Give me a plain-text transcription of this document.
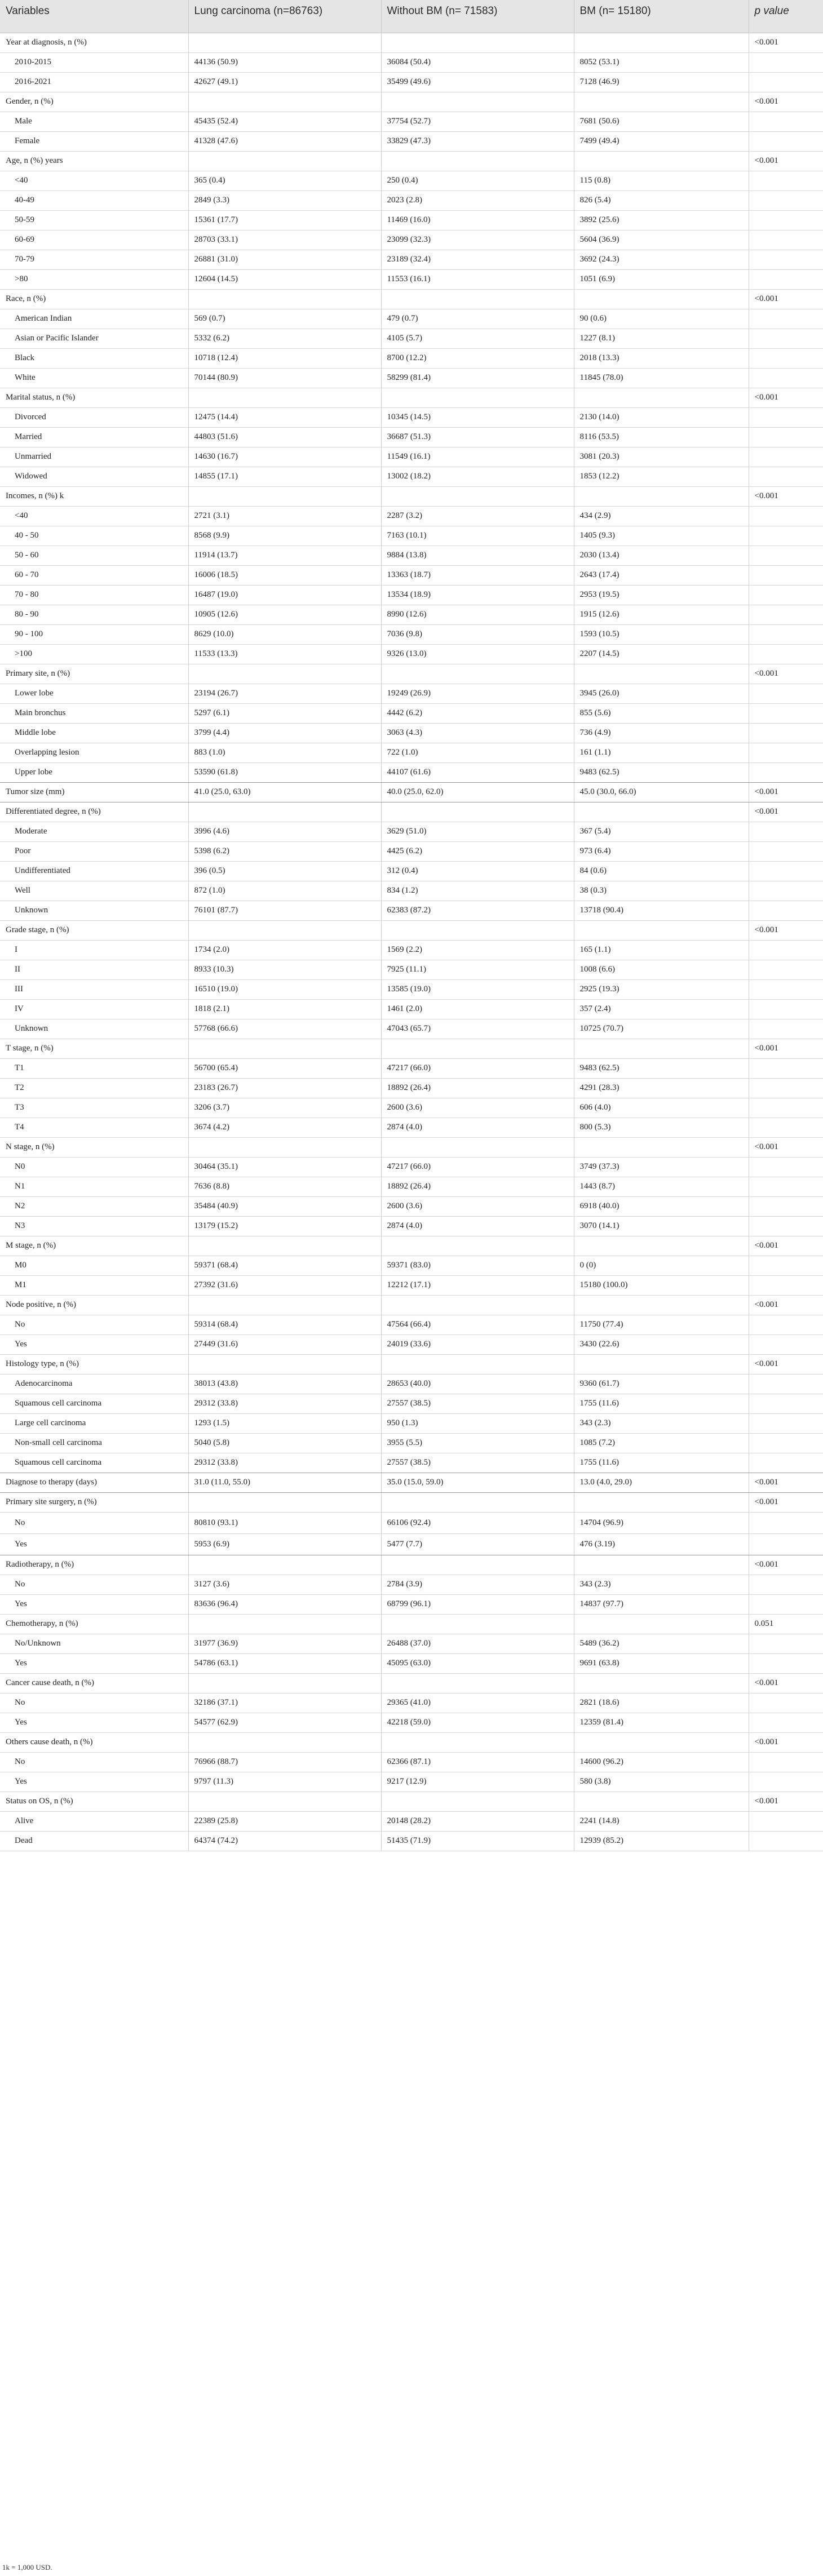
Variables	Lung carcinoma (n=86763)	Without BM (n= 71583)	BM (n= 15180)	p value
Year at diagnosis, n (%)				<0.001
2010-2015	44136 (50.9)	36084 (50.4)	8052 (53.1)	
2016-2021	42627 (49.1)	35499 (49.6)	7128 (46.9)	
Gender, n (%)				<0.001
Male	45435 (52.4)	37754 (52.7)	7681 (50.6)	
Female	41328 (47.6)	33829 (47.3)	7499 (49.4)	
Age, n (%) years				<0.001
<40	365 (0.4)	250 (0.4)	115 (0.8)	
40-49	2849 (3.3)	2023 (2.8)	826 (5.4)	
50-59	15361 (17.7)	11469 (16.0)	3892 (25.6)	
60-69	28703 (33.1)	23099 (32.3)	5604 (36.9)	
70-79	26881 (31.0)	23189 (32.4)	3692 (24.3)	
>80	12604 (14.5)	11553 (16.1)	1051 (6.9)	
Race, n (%)				<0.001
American Indian	569 (0.7)	479 (0.7)	90 (0.6)	
Asian or Pacific Islander	5332 (6.2)	4105 (5.7)	1227 (8.1)	
Black	10718 (12.4)	8700 (12.2)	2018 (13.3)	
White	70144 (80.9)	58299 (81.4)	11845 (78.0)	
Marital status, n (%)				<0.001
Divorced	12475 (14.4)	10345 (14.5)	2130 (14.0)	
Married	44803 (51.6)	36687 (51.3)	8116 (53.5)	
Unmarried	14630 (16.7)	11549 (16.1)	3081 (20.3)	
Widowed	14855 (17.1)	13002 (18.2)	1853 (12.2)	
Incomes, n (%) k				<0.001
<40	2721 (3.1)	2287 (3.2)	434 (2.9)	
40 - 50	8568 (9.9)	7163 (10.1)	1405 (9.3)	
50 - 60	11914 (13.7)	9884 (13.8)	2030 (13.4)	
60 - 70	16006 (18.5)	13363 (18.7)	2643 (17.4)	
70 - 80	16487 (19.0)	13534 (18.9)	2953 (19.5)	
80 - 90	10905 (12.6)	8990 (12.6)	1915 (12.6)	
90 - 100	8629 (10.0)	7036 (9.8)	1593 (10.5)	
>100	11533 (13.3)	9326 (13.0)	2207 (14.5)	
Primary site, n (%)				<0.001
Lower lobe	23194 (26.7)	19249 (26.9)	3945 (26.0)	
Main bronchus	5297 (6.1)	4442 (6.2)	855 (5.6)	
Middle lobe	3799 (4.4)	3063 (4.3)	736 (4.9)	
Overlapping lesion	883 (1.0)	722 (1.0)	161 (1.1)	
Upper lobe	53590 (61.8)	44107 (61.6)	9483 (62.5)	
Tumor size (mm)	41.0 (25.0, 63.0)	40.0 (25.0, 62.0)	45.0 (30.0, 66.0)	<0.001
Differentiated degree, n (%)				<0.001
Moderate	3996 (4.6)	3629 (51.0)	367 (5.4)	
Poor	5398 (6.2)	4425 (6.2)	973 (6.4)	
Undifferentiated	396 (0.5)	312 (0.4)	84 (0.6)	
Well	872 (1.0)	834 (1.2)	38 (0.3)	
Unknown	76101 (87.7)	62383 (87.2)	13718 (90.4)	
Grade stage, n (%)				<0.001
I	1734 (2.0)	1569 (2.2)	165 (1.1)	
II	8933 (10.3)	7925 (11.1)	1008 (6.6)	
III	16510 (19.0)	13585 (19.0)	2925 (19.3)	
IV	1818 (2.1)	1461 (2.0)	357 (2.4)	
Unknown	57768 (66.6)	47043 (65.7)	10725 (70.7)	
T stage, n (%)				<0.001
T1	56700 (65.4)	47217 (66.0)	9483 (62.5)	
T2	23183 (26.7)	18892 (26.4)	4291 (28.3)	
T3	3206 (3.7)	2600 (3.6)	606 (4.0)	
T4	3674 (4.2)	2874 (4.0)	800 (5.3)	
N stage, n (%)				<0.001
N0	30464 (35.1)	47217 (66.0)	3749 (37.3)	
N1	7636 (8.8)	18892 (26.4)	1443 (8.7)	
N2	35484 (40.9)	2600 (3.6)	6918 (40.0)	
N3	13179 (15.2)	2874 (4.0)	3070 (14.1)	
M stage, n (%)				<0.001
M0	59371 (68.4)	59371 (83.0)	0 (0)	
M1	27392 (31.6)	12212 (17.1)	15180 (100.0)	
Node positive, n (%)				<0.001
No	59314 (68.4)	47564 (66.4)	11750 (77.4)	
Yes	27449 (31.6)	24019 (33.6)	3430 (22.6)	
Histology type, n (%)				<0.001
Adenocarcinoma	38013 (43.8)	28653 (40.0)	9360 (61.7)	
Squamous cell carcinoma	29312 (33.8)	27557 (38.5)	1755 (11.6)	
Large cell carcinoma	1293 (1.5)	950 (1.3)	343 (2.3)	
Non-small cell carcinoma	5040 (5.8)	3955 (5.5)	1085 (7.2)	
Squamous cell carcinoma	29312 (33.8)	27557 (38.5)	1755 (11.6)	
Diagnose to therapy (days)	31.0 (11.0, 55.0)	35.0 (15.0, 59.0)	13.0 (4.0, 29.0)	<0.001
Primary site surgery, n (%)				<0.001
No	80810 (93.1)	66106 (92.4)	14704 (96.9)	
Yes	5953 (6.9)	5477 (7.7)	476 (3.19)	
Radiotherapy, n (%)				<0.001
No	3127 (3.6)	2784 (3.9)	343 (2.3)	
Yes	83636 (96.4)	68799 (96.1)	14837 (97.7)	
Chemotherapy, n (%)				0.051
No/Unknown	31977 (36.9)	26488 (37.0)	5489 (36.2)	
Yes	54786 (63.1)	45095 (63.0)	9691 (63.8)	
Cancer cause death, n (%)				<0.001
No	32186 (37.1)	29365 (41.0)	2821 (18.6)	
Yes	54577 (62.9)	42218 (59.0)	12359 (81.4)	
Others cause death, n (%)				<0.001
No	76966 (88.7)	62366 (87.1)	14600 (96.2)	
Yes	9797 (11.3)	9217 (12.9)	580 (3.8)	
Status on OS, n (%)				<0.001
Alive	22389 (25.8)	20148 (28.2)	2241 (14.8)	
Dead	64374 (74.2)	51435 (71.9)	12939 (85.2)	
1k = 1,000 USD.
